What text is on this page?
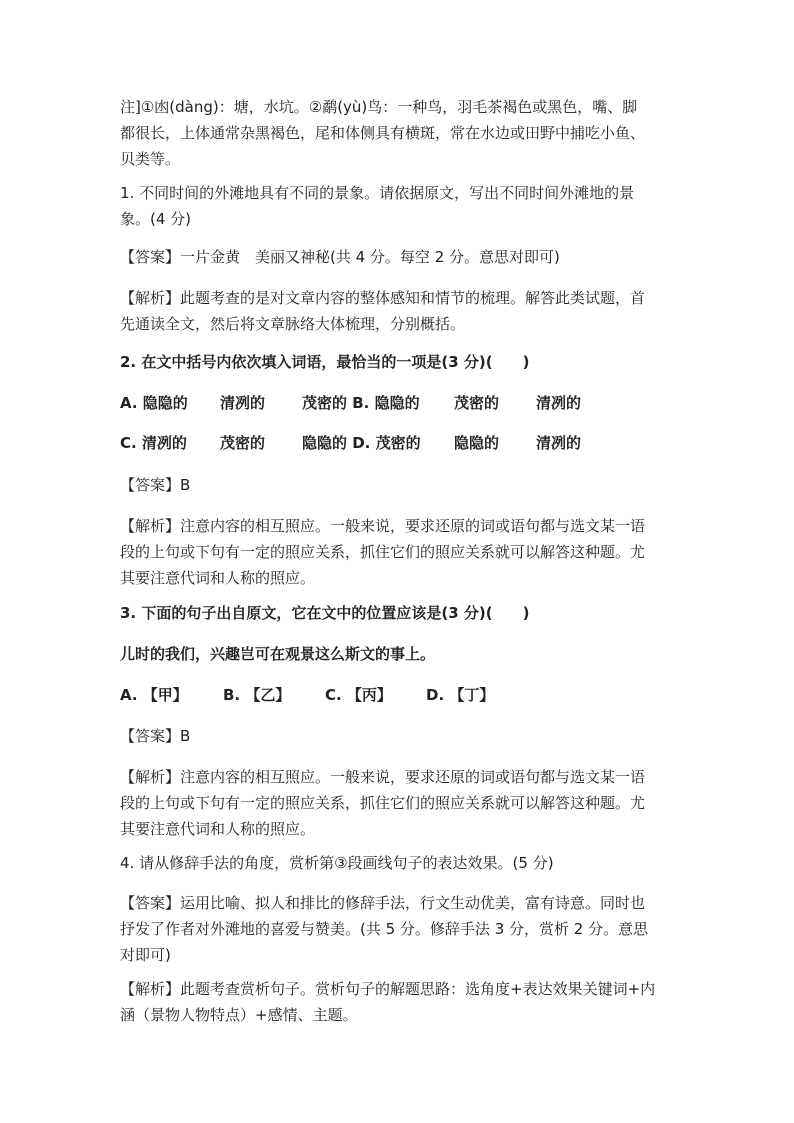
注]①凼(dàng)：塘，水坑。②鹬(yù)鸟：一种鸟，羽毛茶褐色或黑色，嘴、脚
都很长，上体通常杂黑褐色，尾和体侧具有横斑，常在水边或田野中捕吃小鱼、
贝类等。

1. 不同时间的外滩地具有不同的景象。请依据原文，写出不同时间外滩地的景
象。(4 分)

【答案】一片金黄　美丽又神秘(共 4 分。每空 2 分。意思对即可)

【解析】此题考查的是对文章内容的整体感知和情节的梳理。解答此类试题，首
先通读全文，然后将文章脉络大体梳理，分别概括。

2. 在文中括号内依次填入词语，最恰当的一项是(3 分)(　　)

A. 隐隐的 清冽的 茂密的 B. 隐隐的 茂密的 清冽的

C. 清冽的 茂密的 隐隐的 D. 茂密的 隐隐的 清冽的

【答案】B

【解析】注意内容的相互照应。一般来说，要求还原的词或语句都与选文某一语
段的上句或下句有一定的照应关系，抓住它们的照应关系就可以解答这种题。尤
其要注意代词和人称的照应。

3. 下面的句子出自原文，它在文中的位置应该是(3 分)(　　)

儿时的我们，兴趣岂可在观景这么斯文的事上。

A. 【甲】 B. 【乙】 C. 【丙】 D. 【丁】

【答案】B

【解析】注意内容的相互照应。一般来说，要求还原的词或语句都与选文某一语
段的上句或下句有一定的照应关系，抓住它们的照应关系就可以解答这种题。尤
其要注意代词和人称的照应。

4. 请从修辞手法的角度，赏析第③段画线句子的表达效果。(5 分)

【答案】运用比喻、拟人和排比的修辞手法，行文生动优美，富有诗意。同时也
抒发了作者对外滩地的喜爱与赞美。(共 5 分。修辞手法 3 分，赏析 2 分。意思
对即可)

【解析】此题考查赏析句子。赏析句子的解题思路：选角度+表达效果关键词+内
涵（景物人物特点）+感情、主题。
